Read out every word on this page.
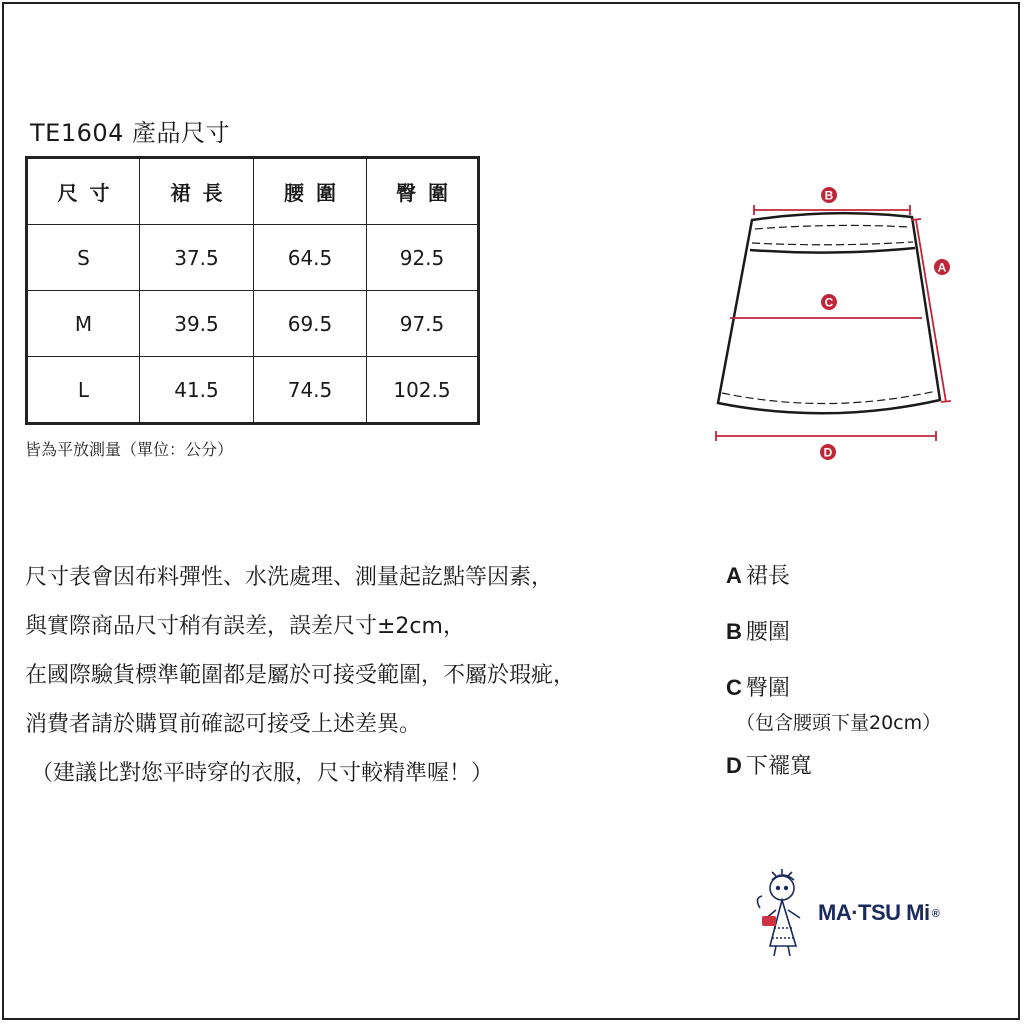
TE1604 產品尺寸
尺寸	裙長	腰圍	臀圍
S	37.5	64.5	92.5
M	39.5	69.5	97.5
L	41.5	74.5	102.5
皆為平放測量（單位：公分）
B
A
C
D

尺寸表會因布料彈性、水洗處理、測量起訖點等因素，

與實際商品尺寸稍有誤差，誤差尺寸±2cm，

在國際驗貨標準範圍都是屬於可接受範圍，不屬於瑕疵，

消費者請於購買前確認可接受上述差異。

（建議比對您平時穿的衣服，尺寸較精準喔！）

A 裙長
B 腰圍
C 臀圍
（包含腰頭下量20cm）
D 下襬寬
MA·TSU Mi ®
